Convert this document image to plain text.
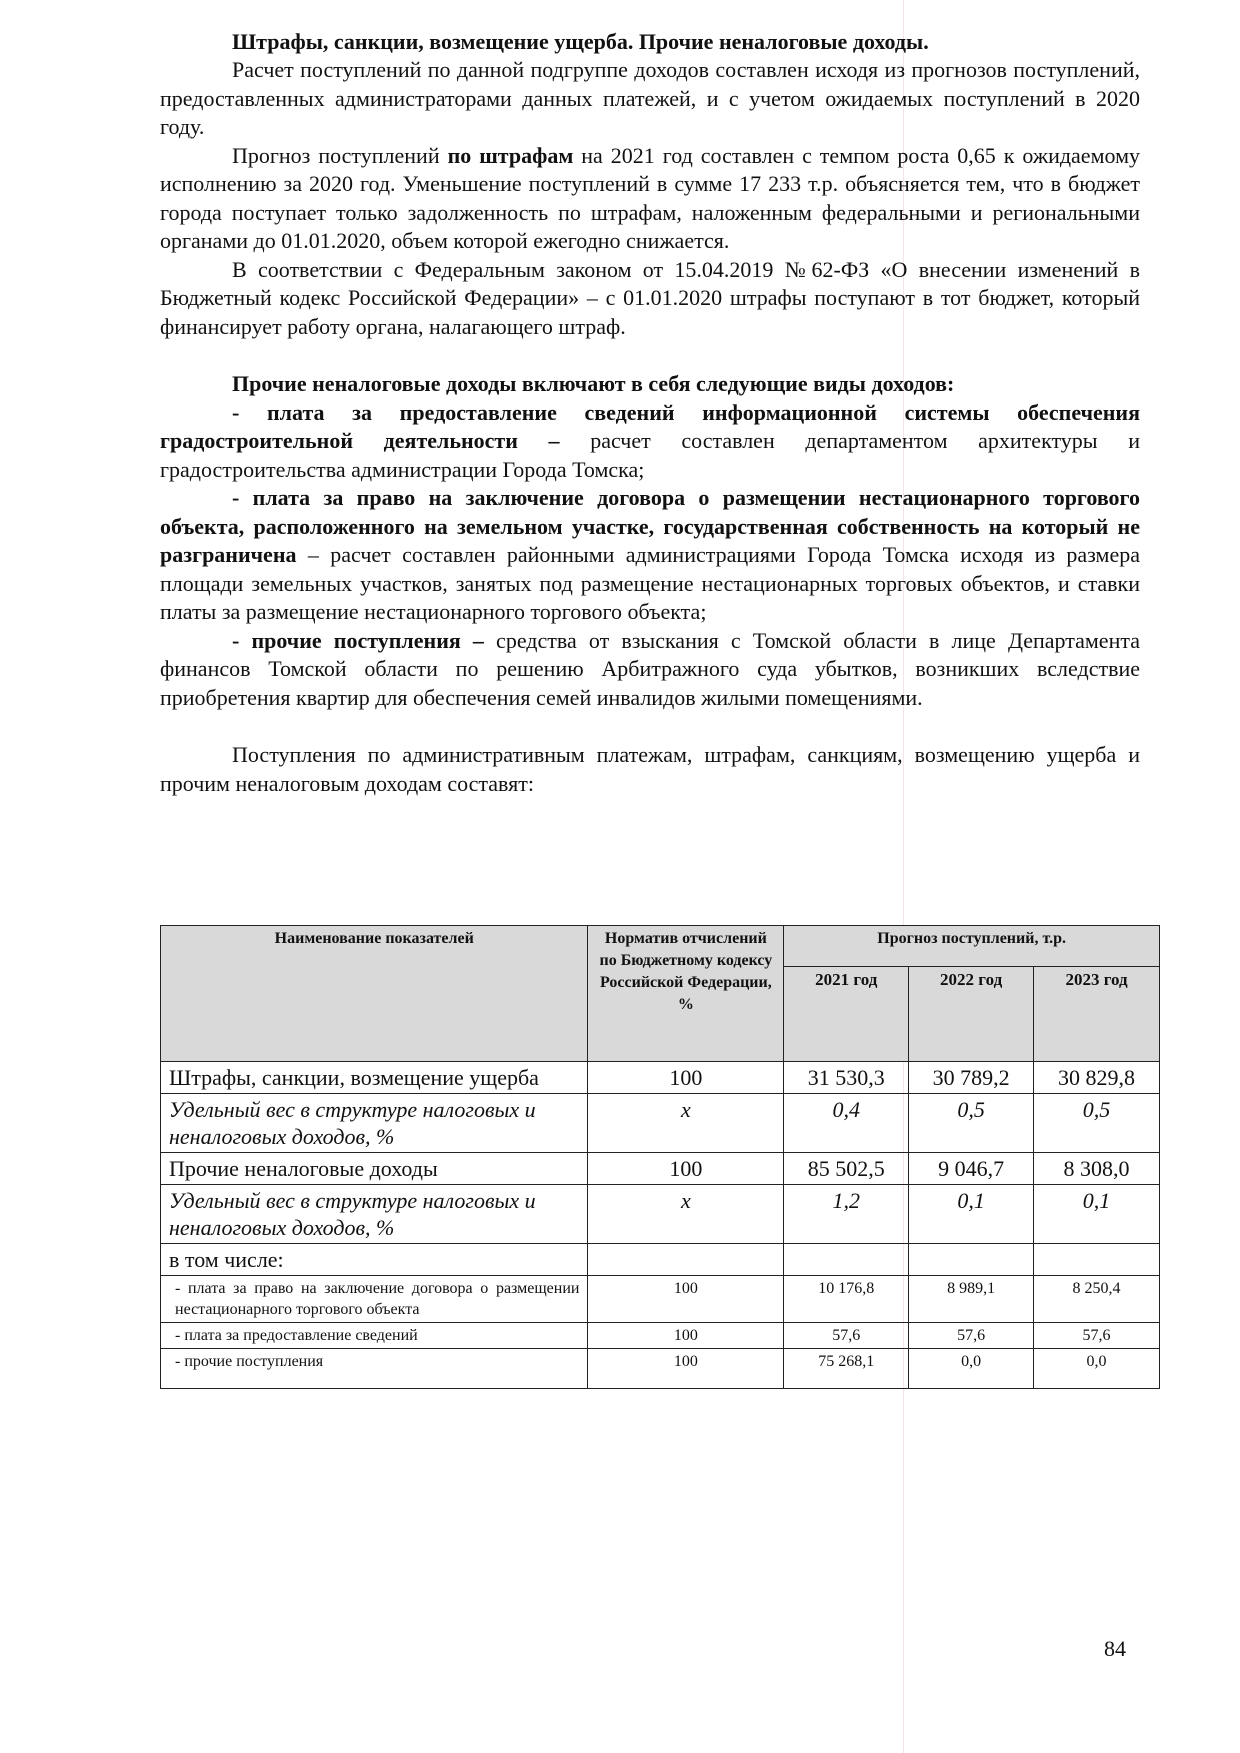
Штрафы, санкции, возмещение ущерба. Прочие неналоговые доходы.

Расчет поступлений по данной подгруппе доходов составлен исходя из прогнозов поступлений, предоставленных администраторами данных платежей, и с учетом ожидаемых поступлений в 2020 году.

Прогноз поступлений по штрафам на 2021 год составлен с темпом роста 0,65 к ожидаемому исполнению за 2020 год. Уменьшение поступлений в сумме 17 233 т.р. объясняется тем, что в бюджет города поступает только задолженность по штрафам, наложенным федеральными и региональными органами до 01.01.2020, объем которой ежегодно снижается.

В соответствии с Федеральным законом от 15.04.2019 №62-ФЗ «О внесении изменений в Бюджетный кодекс Российской Федерации» – с 01.01.2020 штрафы поступают в тот бюджет, который финансирует работу органа, налагающего штраф.

Прочие неналоговые доходы включают в себя следующие виды доходов:

- плата за предоставление сведений информационной системы обеспечения градостроительной деятельности – расчет составлен департаментом архитектуры и градостроительства администрации Города Томска;

- плата за право на заключение договора о размещении нестационарного торгового объекта, расположенного на земельном участке, государственная собственность на который не разграничена – расчет составлен районными администрациями Города Томска исходя из размера площади земельных участков, занятых под размещение нестационарных торговых объектов, и ставки платы за размещение нестационарного торгового объекта;

- прочие поступления – средства от взыскания с Томской области в лице Департамента финансов Томской области по решению Арбитражного суда убытков, возникших вследствие приобретения квартир для обеспечения семей инвалидов жилыми помещениями.

Поступления по административным платежам, штрафам, санкциям, возмещению ущерба и прочим неналоговым доходам составят:

Наименование показателей	Норматив отчислений по Бюджетному кодексу Российской Федерации, %	Прогноз поступлений, т.р.		
		2021 год	2022 год	2023 год
Штрафы, санкции, возмещение ущерба	100	31 530,3	30 789,2	30 829,8
Удельный вес в структуре налоговых и неналоговых доходов, %	х	0,4	0,5	0,5
Прочие неналоговые доходы	100	85 502,5	9 046,7	8 308,0
Удельный вес в структуре налоговых и неналоговых доходов, %	х	1,2	0,1	0,1
в том числе:				
- плата за право на заключение договора о размещении нестационарного торгового объекта	100	10 176,8	8 989,1	8 250,4
- плата за предоставление сведений	100	57,6	57,6	57,6
- прочие поступления	100	75 268,1	0,0	0,0
84
